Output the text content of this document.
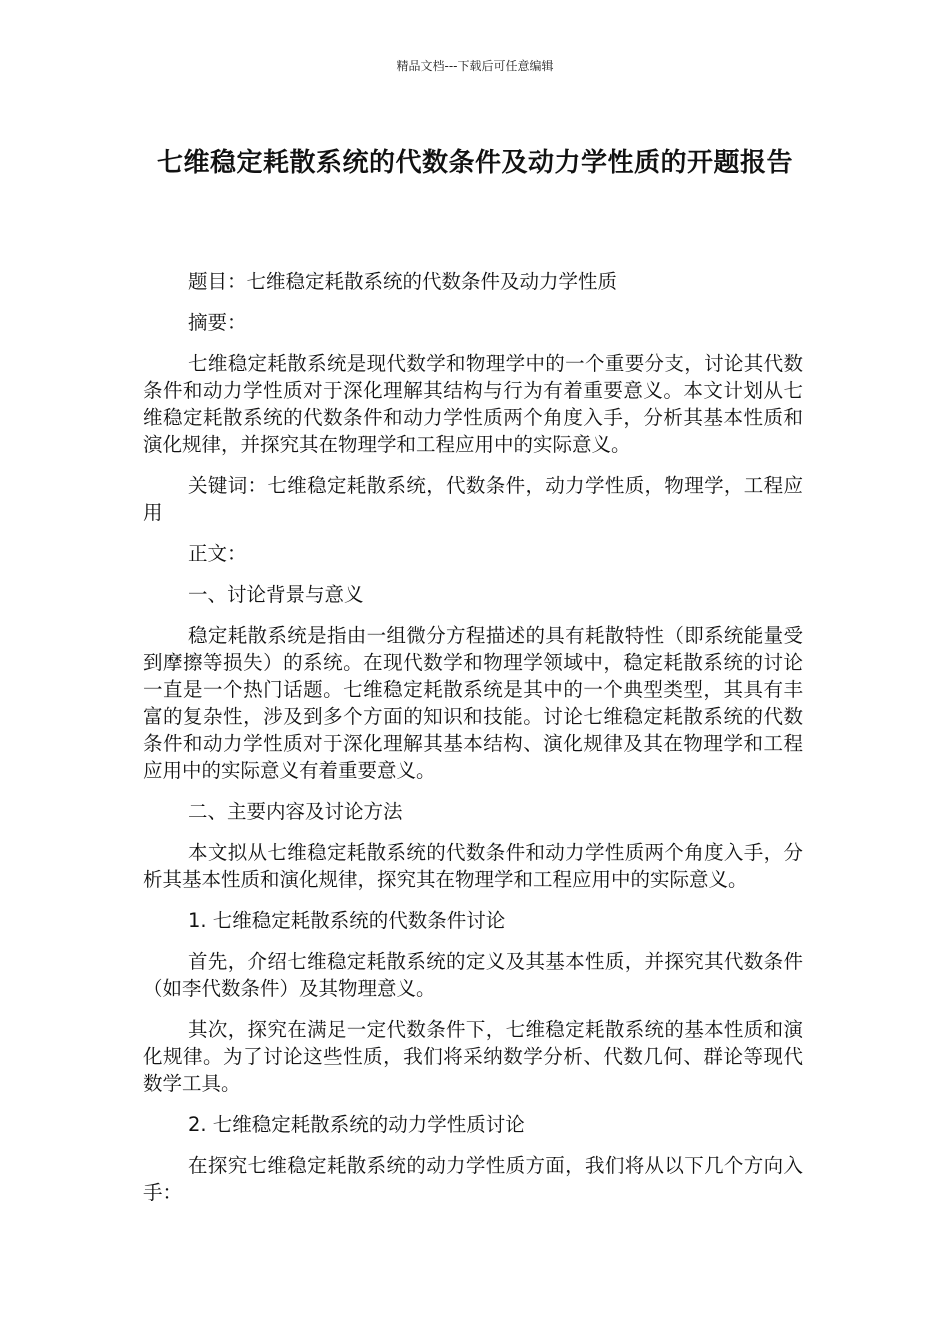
精品文档---下载后可任意编辑
七维稳定耗散系统的代数条件及动力学性质的开题报告

题目：七维稳定耗散系统的代数条件及动力学性质

摘要：

七维稳定耗散系统是现代数学和物理学中的一个重要分支，讨论其代数条件和动力学性质对于深化理解其结构与行为有着重要意义。本文计划从七维稳定耗散系统的代数条件和动力学性质两个角度入手，分析其基本性质和演化规律，并探究其在物理学和工程应用中的实际意义。

关键词：七维稳定耗散系统，代数条件，动力学性质，物理学，工程应用

正文：

一、讨论背景与意义

稳定耗散系统是指由一组微分方程描述的具有耗散特性（即系统能量受到摩擦等损失）的系统。在现代数学和物理学领域中，稳定耗散系统的讨论一直是一个热门话题。七维稳定耗散系统是其中的一个典型类型，其具有丰富的复杂性，涉及到多个方面的知识和技能。讨论七维稳定耗散系统的代数条件和动力学性质对于深化理解其基本结构、演化规律及其在物理学和工程应用中的实际意义有着重要意义。

二、主要内容及讨论方法

本文拟从七维稳定耗散系统的代数条件和动力学性质两个角度入手，分析其基本性质和演化规律，探究其在物理学和工程应用中的实际意义。

1. 七维稳定耗散系统的代数条件讨论

首先，介绍七维稳定耗散系统的定义及其基本性质，并探究其代数条件（如李代数条件）及其物理意义。

其次，探究在满足一定代数条件下，七维稳定耗散系统的基本性质和演化规律。为了讨论这些性质，我们将采纳数学分析、代数几何、群论等现代数学工具。

2. 七维稳定耗散系统的动力学性质讨论

在探究七维稳定耗散系统的动力学性质方面，我们将从以下几个方向入手：
